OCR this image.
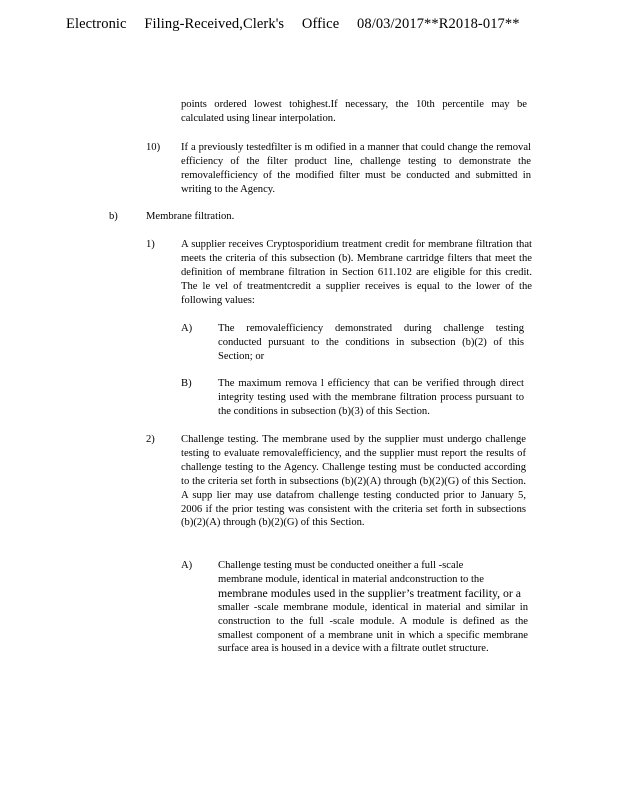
Electronic Filing-Received,Clerk's Office 08/03/2017**R2018-017**

points ordered lowest tohighest.If necessary, the 10th percentile may be calculated using linear interpolation.

10) If a previously testedfilter is m odified in a manner that could change the removal efficiency of the filter product line, challenge testing to demonstrate the removalefficiency of the modified filter must be conducted and submitted in writing to the Agency.

b)	Membrane filtration.
1) A supplier receives Cryptosporidium treatment credit for membrane filtration that meets the criteria of this subsection (b). Membrane cartridge filters that meet the definition of membrane filtration in Section 611.102 are eligible for this credit. The le vel of treatmentcredit a supplier receives is equal to the lower of the following values:

A) The removalefficiency demonstrated during challenge testing conducted pursuant to the conditions in subsection (b)(2) of this Section; or

B) The maximum remova l efficiency that can be verified through direct integrity testing used with the membrane filtration process pursuant to the conditions in subsection (b)(3) of this Section.

2) Challenge testing. The membrane used by the supplier must undergo challenge testing to evaluate removalefficiency, and the supplier must report the results of challenge testing to the Agency. Challenge testing must be conducted according to the criteria set forth in subsections (b)(2)(A) through (b)(2)(G) of this Section. A supp lier may use datafrom challenge testing conducted prior to January 5, 2006 if the prior testing was consistent with the criteria set forth in subsections (b)(2)(A) through (b)(2)(G) of this Section.

A) Challenge testing must be conducted oneither a full -scale
membrane module, identical in material andconstruction to the
membrane modules used in the supplier’s treatment facility, or a

smaller -scale membrane module, identical in material and similar in construction to the full -scale module. A module is defined as the smallest component of a membrane unit in which a specific membrane surface area is housed in a device with a filtrate outlet structure.
